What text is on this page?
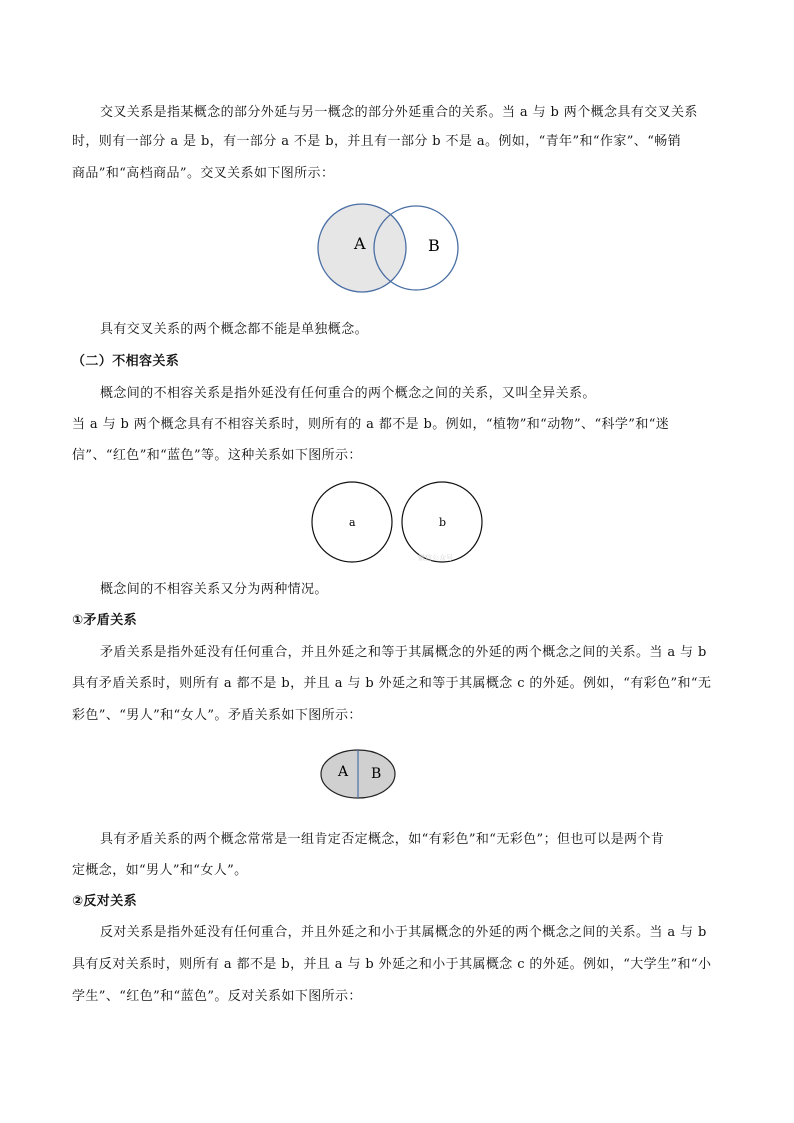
交叉关系是指某概念的部分外延与另一概念的部分外延重合的关系。当 a 与 b 两个概念具有交叉关系
时，则有一部分 a 是 b，有一部分 a 不是 b，并且有一部分 b 不是 a。例如，“青年”和“作家”、“畅销
商品”和“高档商品”。交叉关系如下图所示：
A	B
具有交叉关系的两个概念都不能是单独概念。
（二）不相容关系
概念间的不相容关系是指外延没有任何重合的两个概念之间的关系，又叫全异关系。
当 a 与 b 两个概念具有不相容关系时，则所有的 a 都不是 b。例如，“植物”和“动物”、“科学”和“迷
信”、“红色”和“蓝色”等。这种关系如下图所示：
a	b
微信公众号
概念间的不相容关系又分为两种情况。
①矛盾关系
矛盾关系是指外延没有任何重合，并且外延之和等于其属概念的外延的两个概念之间的关系。当 a 与 b
具有矛盾关系时，则所有 a 都不是 b，并且 a 与 b 外延之和等于其属概念 c 的外延。例如，“有彩色”和“无
彩色”、“男人”和“女人”。矛盾关系如下图所示：
A B
具有矛盾关系的两个概念常常是一组肯定否定概念，如“有彩色”和“无彩色”；但也可以是两个肯
定概念，如“男人”和“女人”。
②反对关系
反对关系是指外延没有任何重合，并且外延之和小于其属概念的外延的两个概念之间的关系。当 a 与 b
具有反对关系时，则所有 a 都不是 b，并且 a 与 b 外延之和小于其属概念 c 的外延。例如，“大学生”和“小
学生”、“红色”和“蓝色”。反对关系如下图所示：
